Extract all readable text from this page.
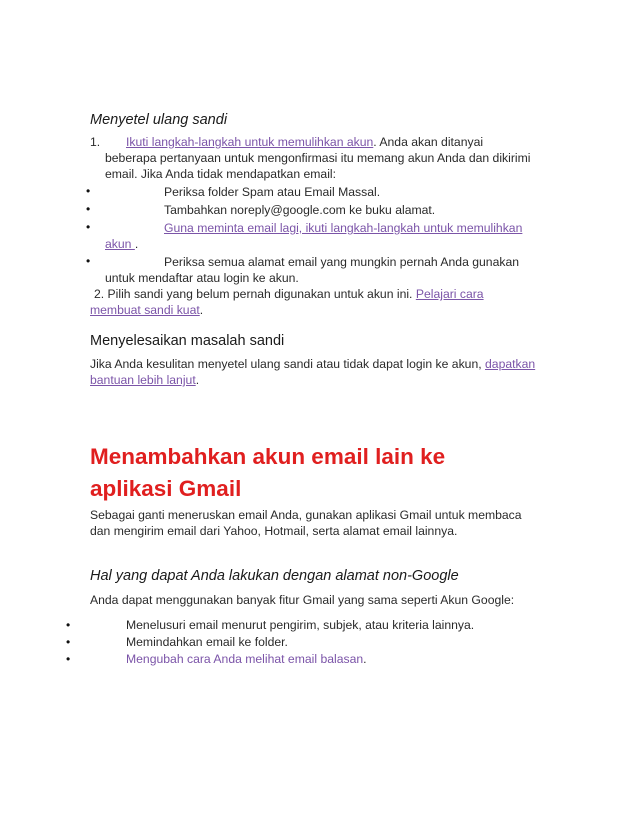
Menyetel ulang sandi
1. Ikuti langkah-langkah untuk memulihkan akun. Anda akan ditanyai
beberapa pertanyaan untuk mengonfirmasi itu memang akun Anda dan dikirimi
email. Jika Anda tidak mendapatkan email:
•	Periksa folder Spam atau Email Massal.
•	Tambahkan noreply@google.com ke buku alamat.
•	Guna meminta email lagi, ikuti langkah-langkah untuk memulihkan
akun .
•	Periksa semua alamat email yang mungkin pernah Anda gunakan
untuk mendaftar atau login ke akun.
2. Pilih sandi yang belum pernah digunakan untuk akun ini. Pelajari cara
membuat sandi kuat.
Menyelesaikan masalah sandi
Jika Anda kesulitan menyetel ulang sandi atau tidak dapat login ke akun, dapatkan
bantuan lebih lanjut.
Menambahkan akun email lain ke
aplikasi Gmail
Sebagai ganti meneruskan email Anda, gunakan aplikasi Gmail untuk membaca
dan mengirim email dari Yahoo, Hotmail, serta alamat email lainnya.
Hal yang dapat Anda lakukan dengan alamat non-Google
Anda dapat menggunakan banyak fitur Gmail yang sama seperti Akun Google:
•	Menelusuri email menurut pengirim, subjek, atau kriteria lainnya.
•	Memindahkan email ke folder.
•	Mengubah cara Anda melihat email balasan.
